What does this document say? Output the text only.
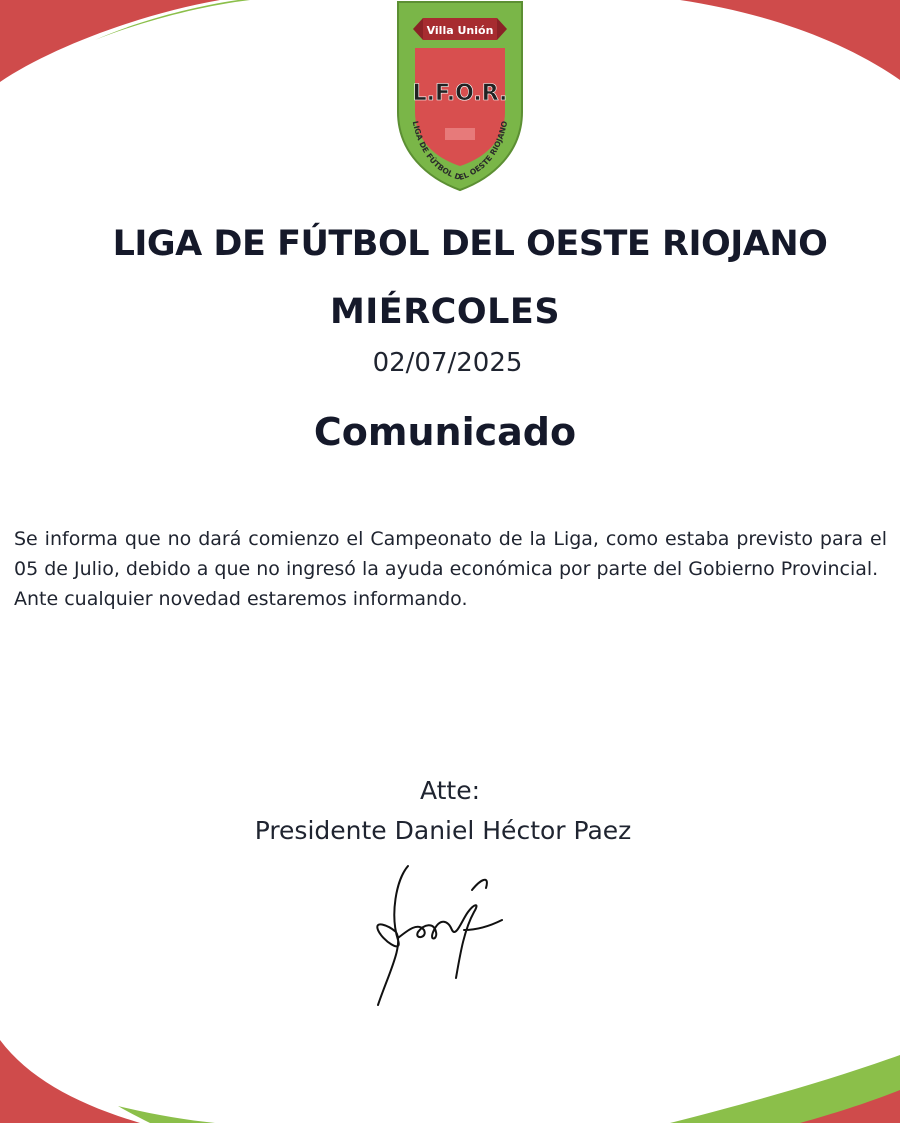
Villa Unión
L.F.O.R.
LIGA DE FÚTBOL DEL OESTE RIOJANO
LIGA DE FÚTBOL DEL OESTE RIOJANO
MIÉRCOLES
02/07/2025
Comunicado

Se informa que no dará comienzo el Campeonato de la Liga, como estaba previsto para el 05 de Julio, debido a que no ingresó la ayuda económica por parte del Gobierno Provincial.

Ante cualquier novedad estaremos informando.

Atte:
Presidente Daniel Héctor Paez
